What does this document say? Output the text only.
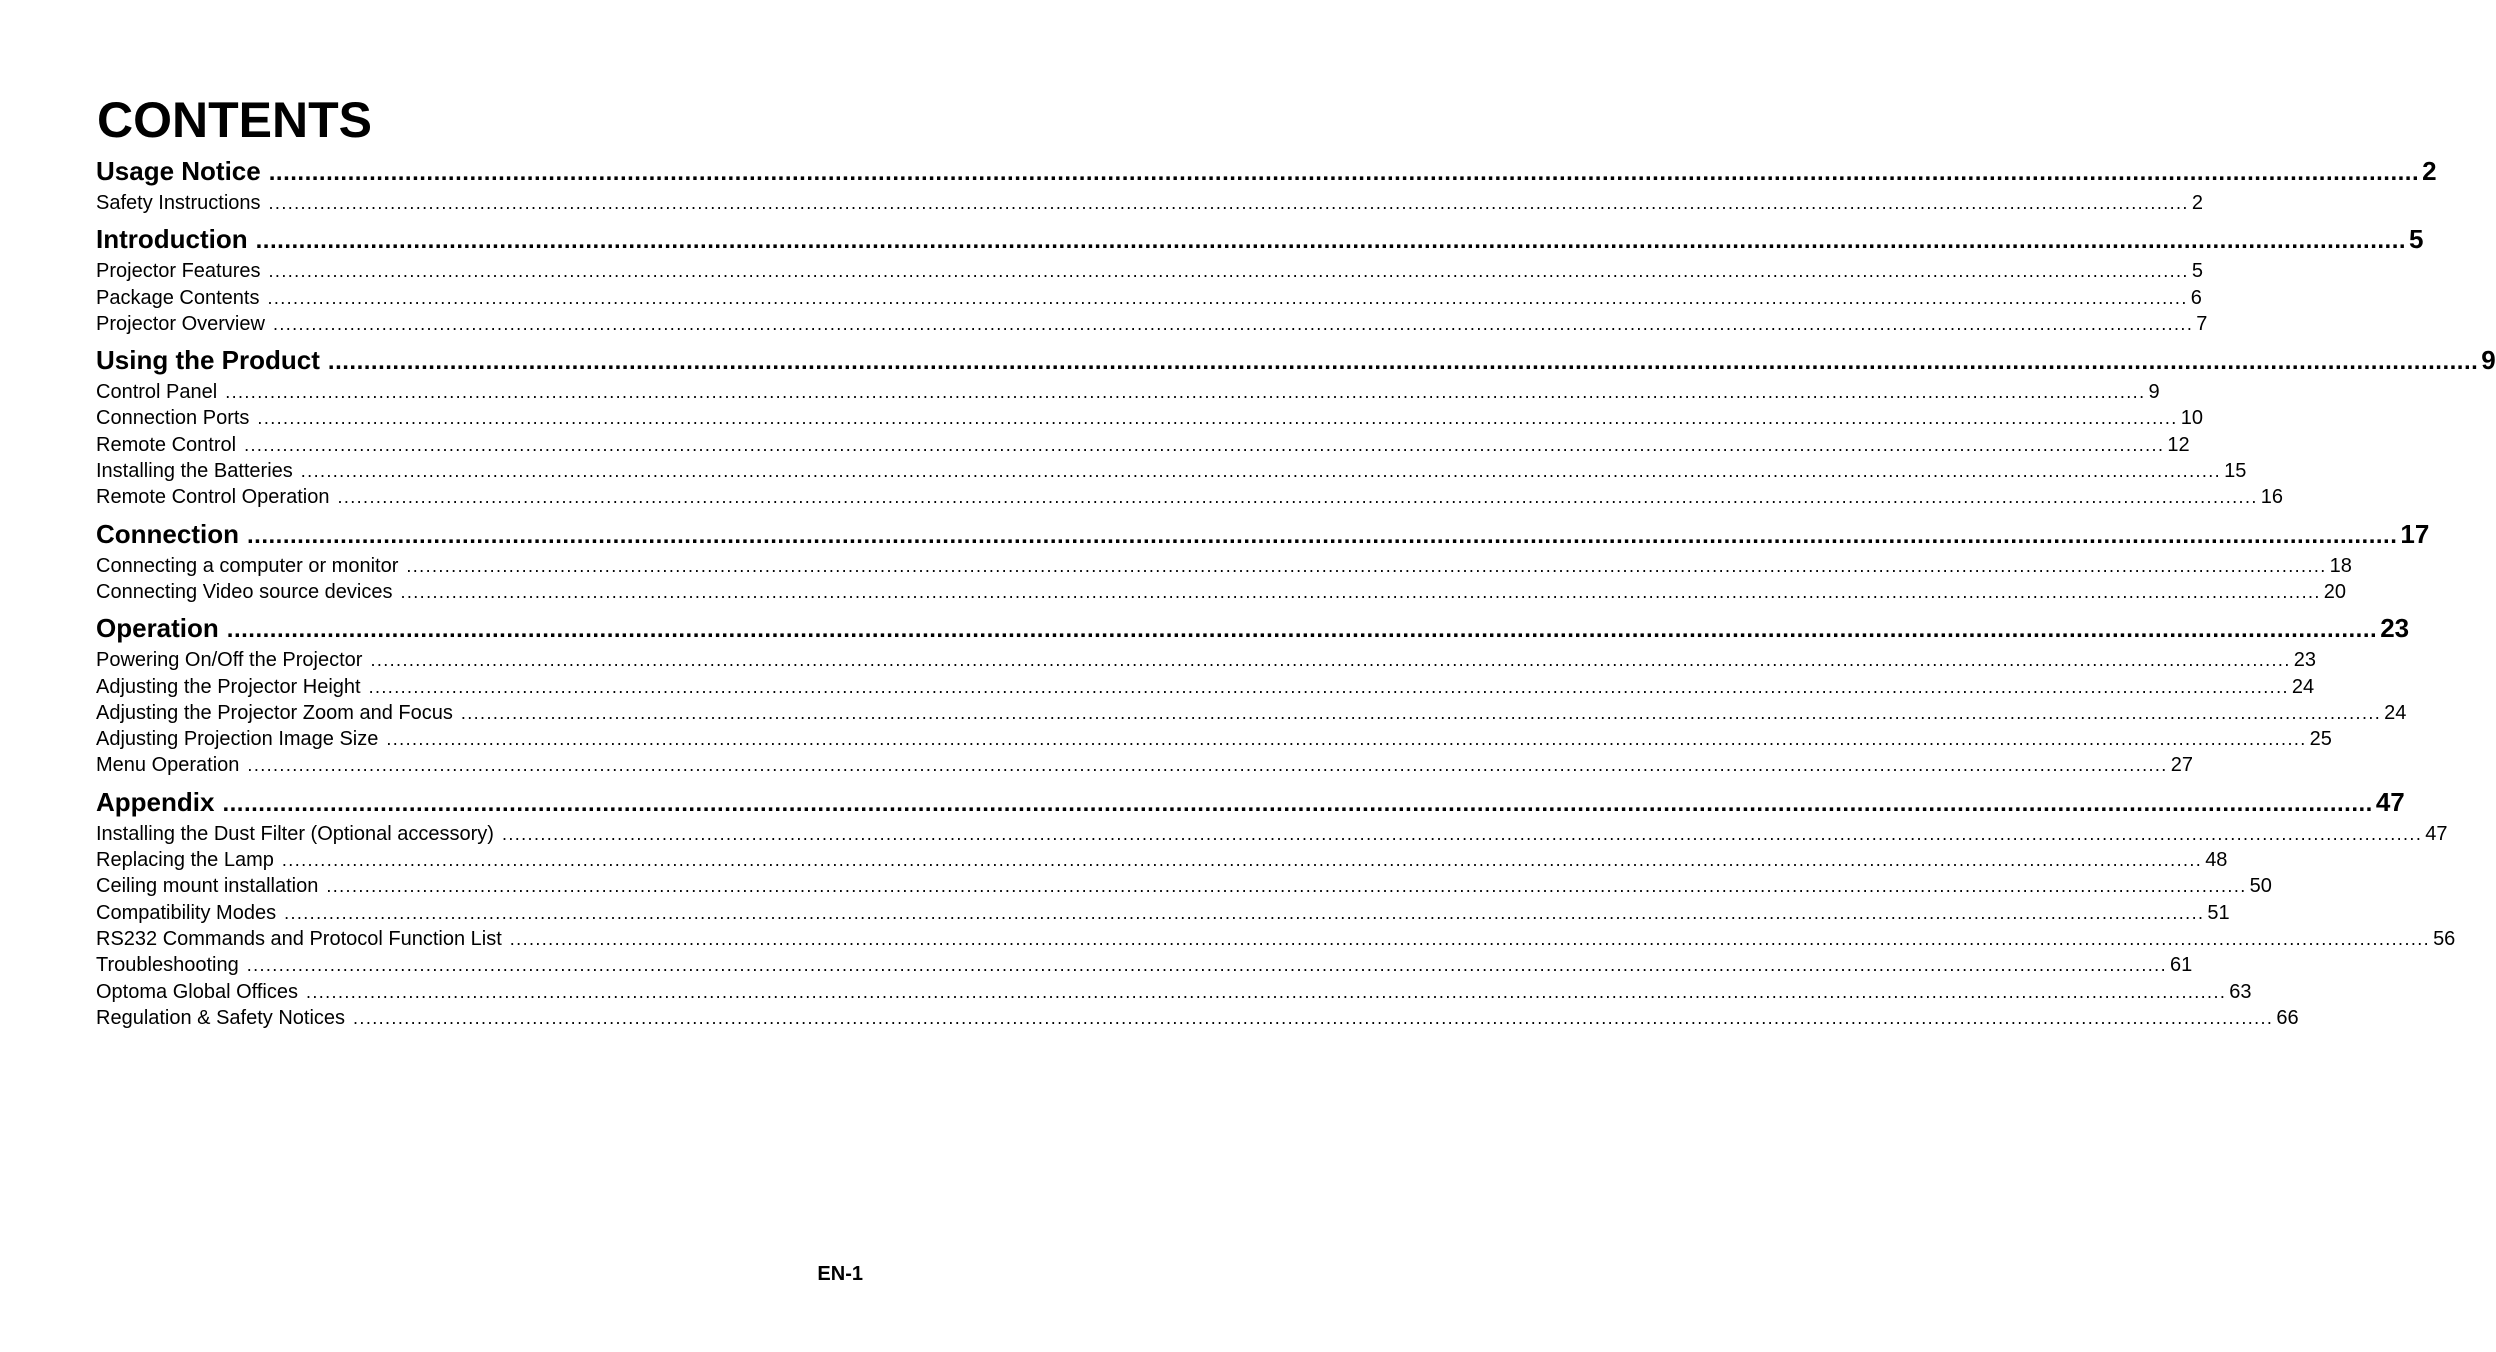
CONTENTS
Usage Notice ............................................................................................................................................................................................................................................................................................................ 2
Safety Instructions ............................................................................................................................................................................................................................................................................................................ 2
Introduction ............................................................................................................................................................................................................................................................................................................ 5
Projector Features ............................................................................................................................................................................................................................................................................................................ 5
Package Contents ............................................................................................................................................................................................................................................................................................................ 6
Projector Overview ............................................................................................................................................................................................................................................................................................................ 7
Using the Product ............................................................................................................................................................................................................................................................................................................ 9
Control Panel ............................................................................................................................................................................................................................................................................................................ 9
Connection Ports ............................................................................................................................................................................................................................................................................................................ 10
Remote Control ............................................................................................................................................................................................................................................................................................................ 12
Installing the Batteries ............................................................................................................................................................................................................................................................................................................ 15
Remote Control Operation ............................................................................................................................................................................................................................................................................................................ 16
Connection ............................................................................................................................................................................................................................................................................................................ 17
Connecting a computer or monitor ............................................................................................................................................................................................................................................................................................................ 18
Connecting Video source devices ............................................................................................................................................................................................................................................................................................................ 20
Operation ............................................................................................................................................................................................................................................................................................................ 23
Powering On/Off the Projector ............................................................................................................................................................................................................................................................................................................ 23
Adjusting the Projector Height ............................................................................................................................................................................................................................................................................................................ 24
Adjusting the Projector Zoom and Focus ............................................................................................................................................................................................................................................................................................................ 24
Adjusting Projection Image Size ............................................................................................................................................................................................................................................................................................................ 25
Menu Operation ............................................................................................................................................................................................................................................................................................................ 27
Appendix ............................................................................................................................................................................................................................................................................................................ 47
Installing the Dust Filter (Optional accessory) ............................................................................................................................................................................................................................................................................................................ 47
Replacing the Lamp ............................................................................................................................................................................................................................................................................................................ 48
Ceiling mount installation ............................................................................................................................................................................................................................................................................................................ 50
Compatibility Modes ............................................................................................................................................................................................................................................................................................................ 51
RS232 Commands and Protocol Function List ............................................................................................................................................................................................................................................................................................................ 56
Troubleshooting ............................................................................................................................................................................................................................................................................................................ 61
Optoma Global Offices ............................................................................................................................................................................................................................................................................................................ 63
Regulation & Safety Notices ............................................................................................................................................................................................................................................................................................................ 66
EN-1
